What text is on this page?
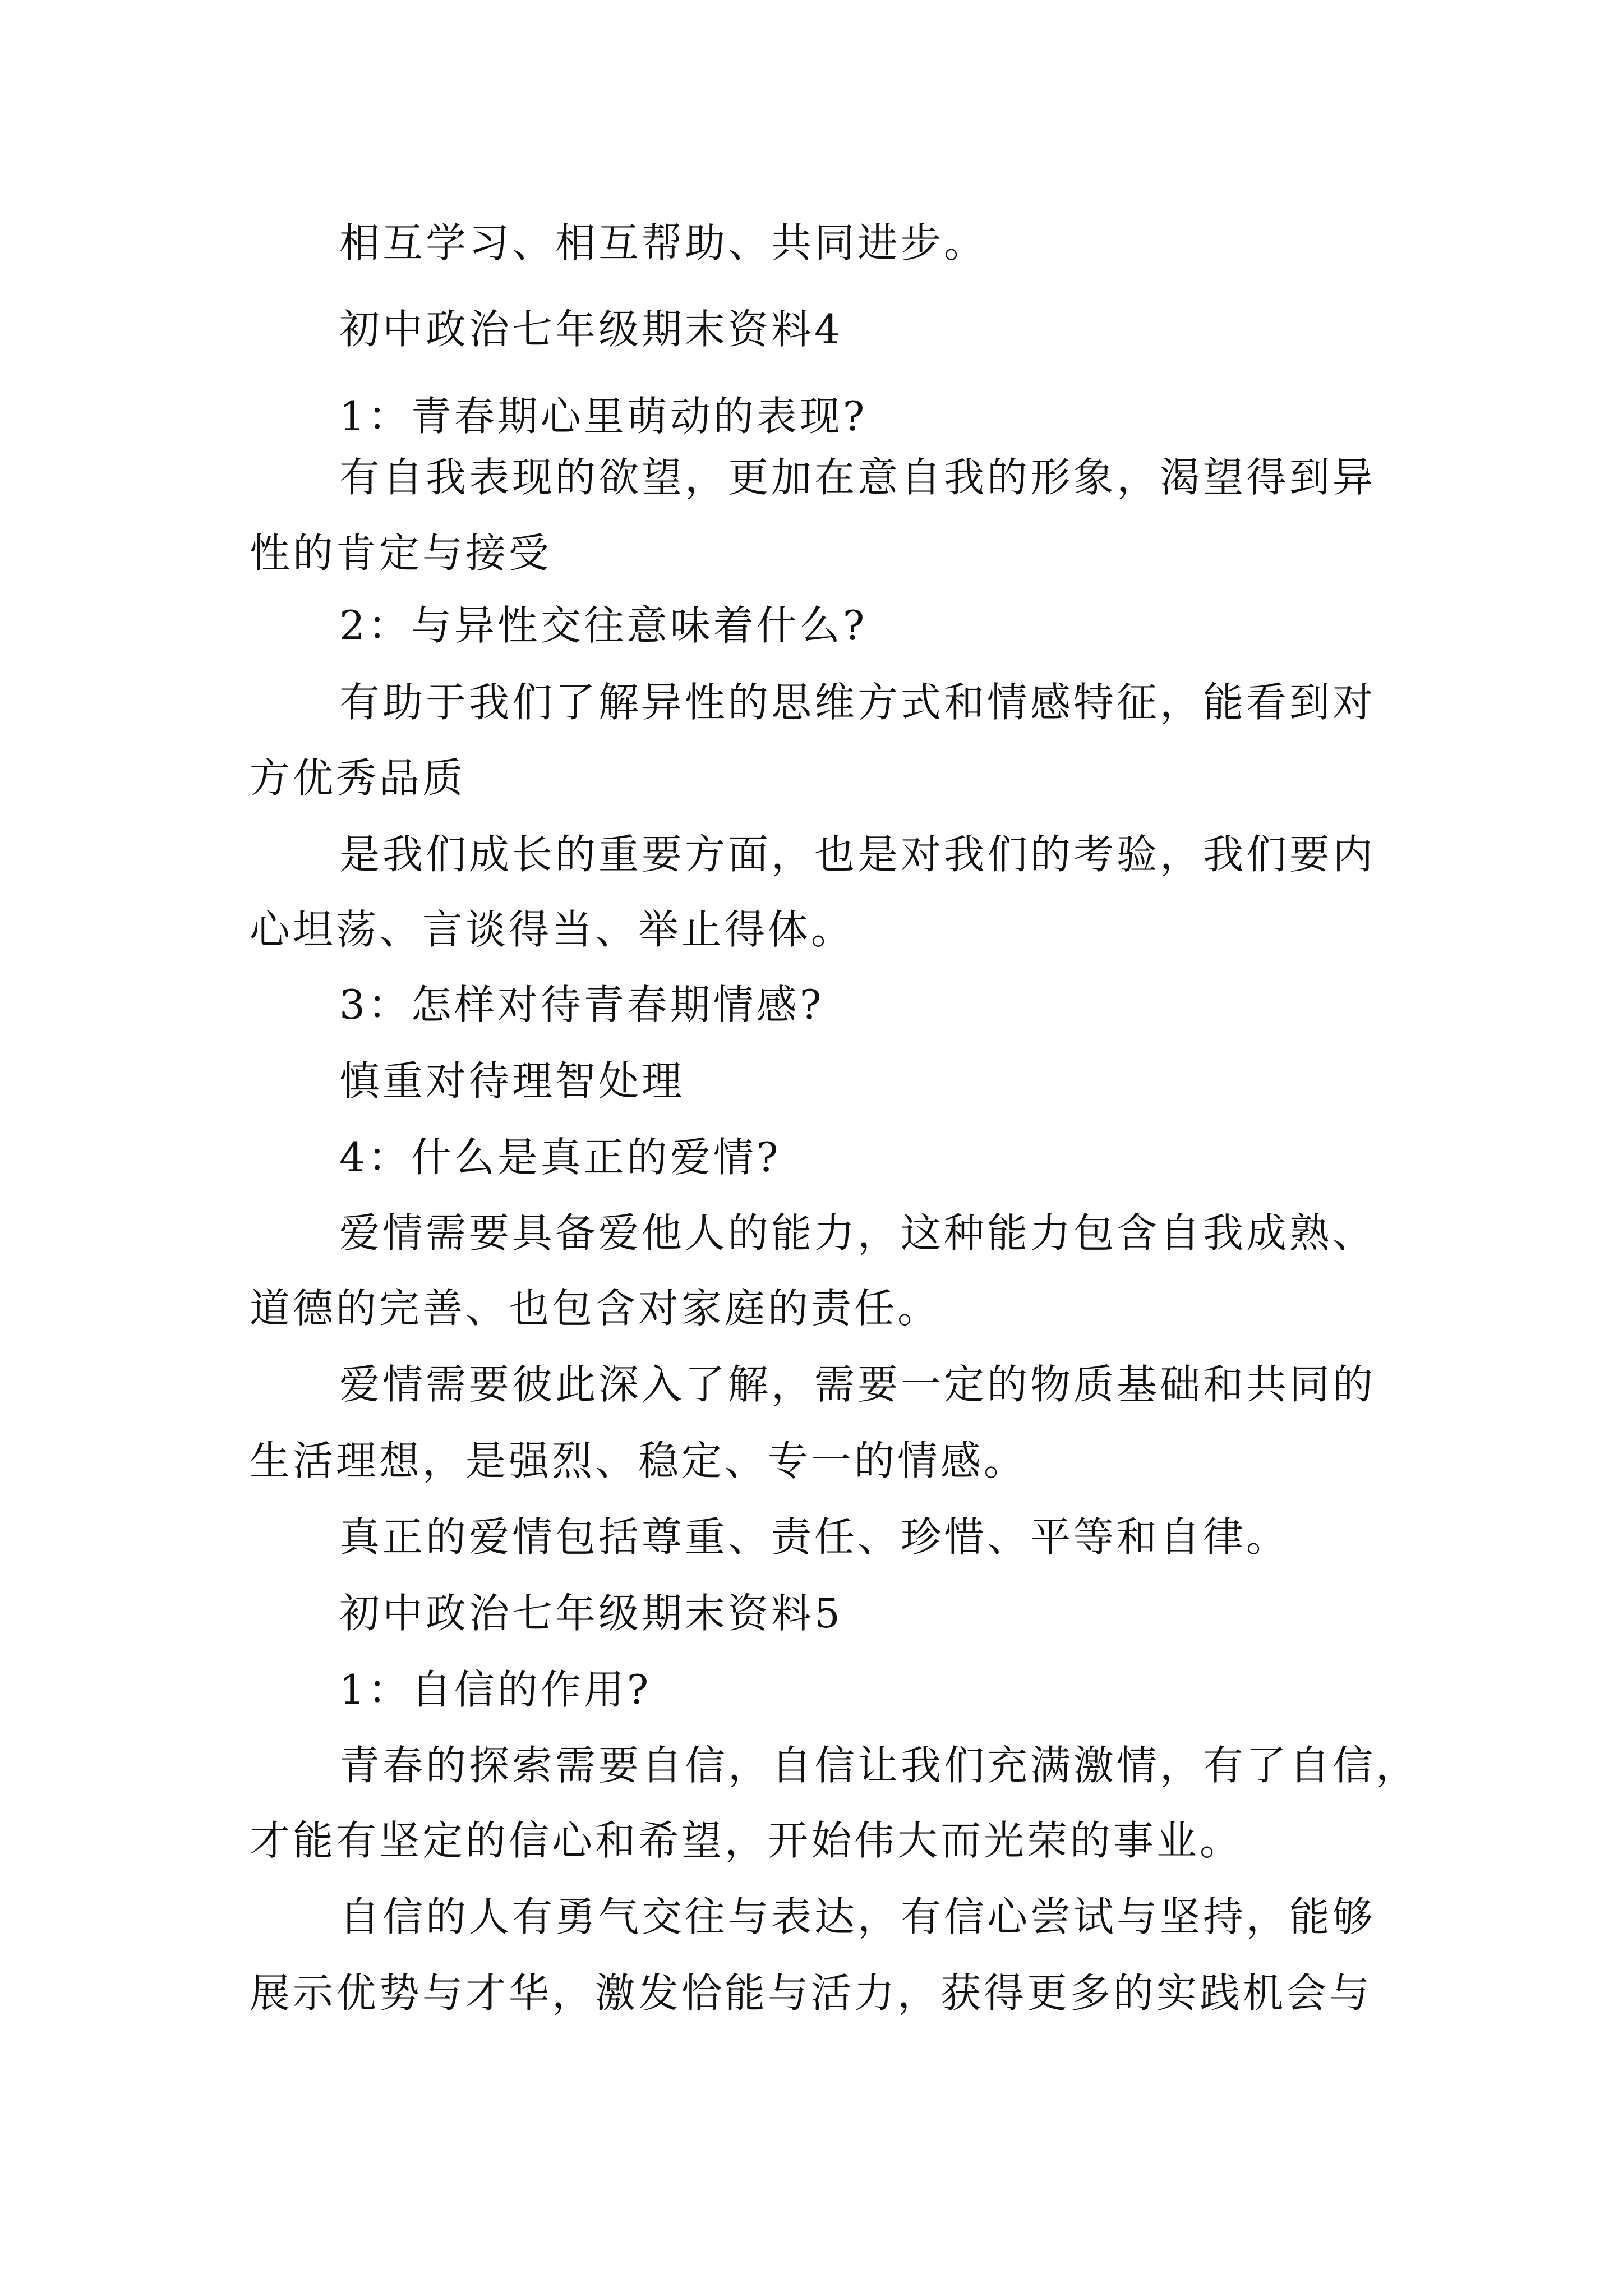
相互学习、相互帮助、共同进步。
初中政治七年级期末资料4
1：青春期心里萌动的表现?
有自我表现的欲望，更加在意自我的形象，渴望得到异
性的肯定与接受
2：与异性交往意味着什么?
有助于我们了解异性的思维方式和情感特征，能看到对
方优秀品质
是我们成长的重要方面，也是对我们的考验，我们要内
心坦荡、言谈得当、举止得体。
3：怎样对待青春期情感?
慎重对待理智处理
4：什么是真正的爱情?
爱情需要具备爱他人的能力，这种能力包含自我成熟、
道德的完善、也包含对家庭的责任。
爱情需要彼此深入了解，需要一定的物质基础和共同的
生活理想，是强烈、稳定、专一的情感。
真正的爱情包括尊重、责任、珍惜、平等和自律。
初中政治七年级期末资料5
1：自信的作用?
青春的探索需要自信，自信让我们充满激情，有了自信，
才能有坚定的信心和希望，开始伟大而光荣的事业。
自信的人有勇气交往与表达，有信心尝试与坚持，能够
展示优势与才华，激发恰能与活力，获得更多的实践机会与
